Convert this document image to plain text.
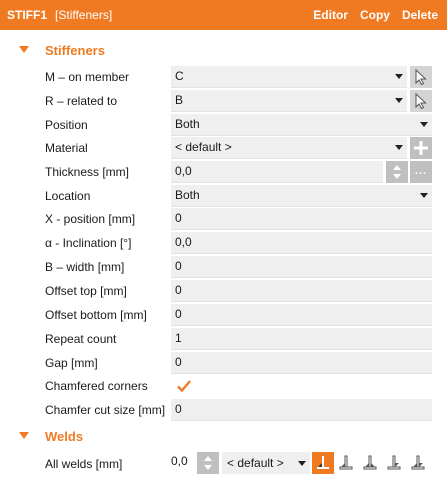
STIFF1 [Stiffeners]	Editor Copy Delete
Stiffeners
M – on member	C
R – related to	B
Position	Both
Material	< default >
Thickness [mm]	0,0	...
Location	Both
X - position [mm]	0
α - Inclination [°]	0,0
B – width [mm]	0
Offset top [mm]	0
Offset bottom [mm]	0
Repeat count	1
Gap [mm]	0
Chamfered corners
Chamfer cut size [mm] 0
Welds
All welds [mm]	0,0	< default >
